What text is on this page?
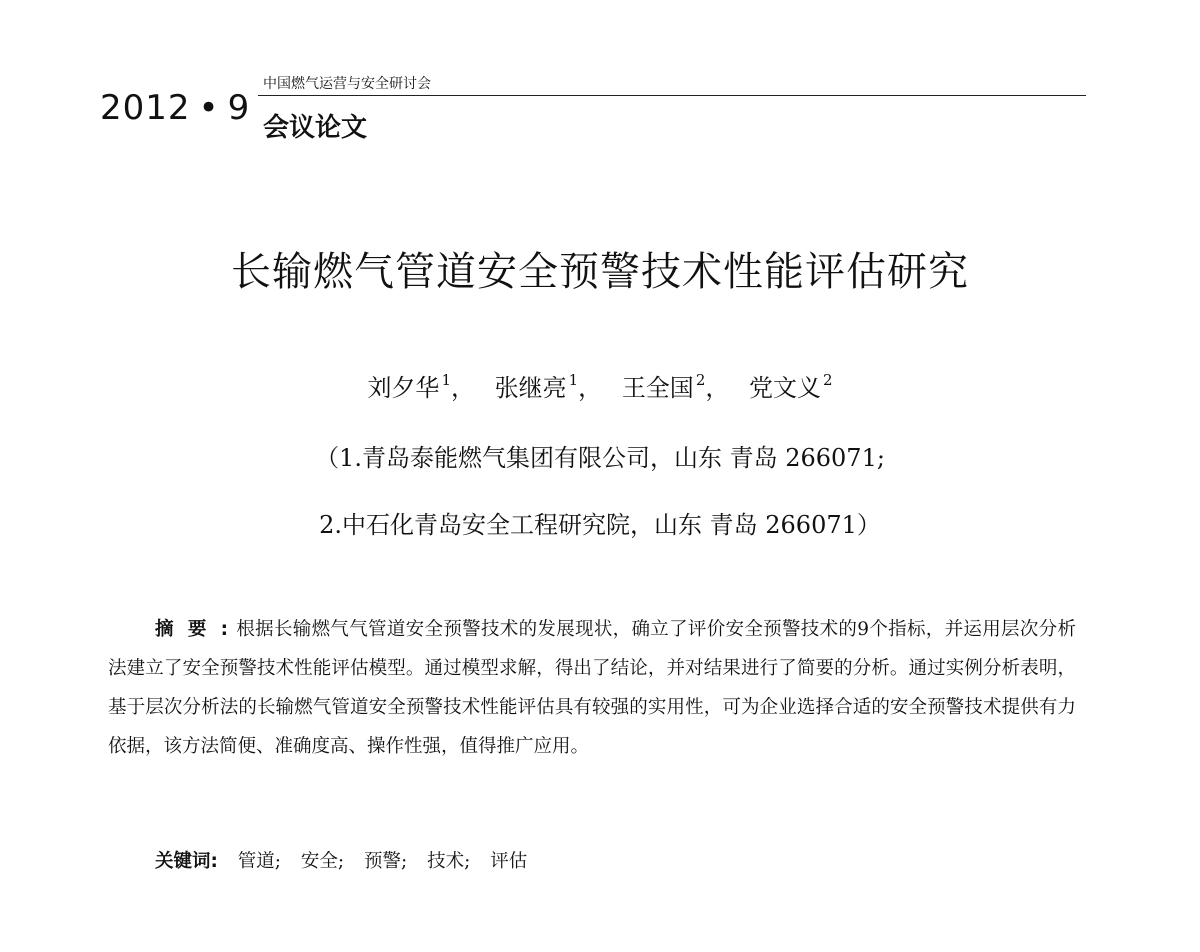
2012 • 9
中国燃气运营与安全研讨会
会议论文
长输燃气管道安全预警技术性能评估研究
刘夕华 $^1$， 张继亮 $^1$， 王全国 $^2$， 党文义 $^2$
（1.青岛泰能燃气集团有限公司，山东 青岛 266071;
2.中石化青岛安全工程研究院，山东 青岛 266071）
摘要:根据长输燃气气管道安全预警技术的发展现状，确立了评价安全预警技术的9个指标，并运用层次分析法建立了安全预警技术性能评估模型。通过模型求解，得出了结论，并对结果进行了简要的分析。通过实例分析表明，基于层次分析法的长输燃气管道安全预警技术性能评估具有较强的实用性，可为企业选择合适的安全预警技术提供有力依据，该方法简便、准确度高、操作性强，值得推广应用。
关键词: 管道; 安全; 预警; 技术; 评估
